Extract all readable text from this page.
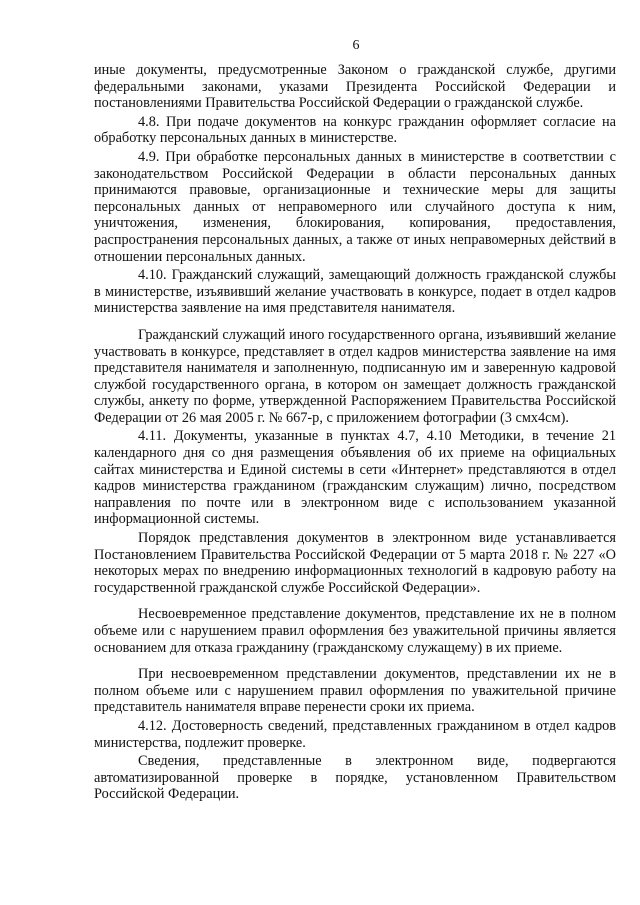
6

иные документы, предусмотренные Законом о гражданской службе, другими федеральными законами, указами Президента Российской Федерации и постановлениями Правительства Российской Федерации о гражданской службе.

4.8. При подаче документов на конкурс гражданин оформляет согласие на обработку персональных данных в министерстве.

4.9. При обработке персональных данных в министерстве в соответствии с законодательством Российской Федерации в области персональных данных принимаются правовые, организационные и технические меры для защиты персональных данных от неправомерного или случайного доступа к ним, уничтожения, изменения, блокирования, копирования, предоставления, распространения персональных данных, а также от иных неправомерных действий в отношении персональных данных.

4.10. Гражданский служащий, замещающий должность гражданской службы в министерстве, изъявивший желание участвовать в конкурсе, подает в отдел кадров министерства заявление на имя представителя нанимателя.

Гражданский служащий иного государственного органа, изъявивший желание участвовать в конкурсе, представляет в отдел кадров министерства заявление на имя представителя нанимателя и заполненную, подписанную им и заверенную кадровой службой государственного органа, в котором он замещает должность гражданской службы, анкету по форме, утвержденной Распоряжением Правительства Российской Федерации от 26 мая 2005 г. № 667-р, с приложением фотографии (3 смх4см).

4.11. Документы, указанные в пунктах 4.7, 4.10 Методики, в течение 21 календарного дня со дня размещения объявления об их приеме на официальных сайтах министерства и Единой системы в сети «Интернет» представляются в отдел кадров министерства гражданином (гражданским служащим) лично, посредством направления по почте или в электронном виде с использованием указанной информационной системы.

Порядок представления документов в электронном виде устанавливается Постановлением Правительства Российской Федерации от 5 марта 2018 г. № 227 «О некоторых мерах по внедрению информационных технологий в кадровую работу на государственной гражданской службе Российской Федерации».

Несвоевременное представление документов, представление их не в полном объеме или с нарушением правил оформления без уважительной причины является основанием для отказа гражданину (гражданскому служащему) в их приеме.

При несвоевременном представлении документов, представлении их не в полном объеме или с нарушением правил оформления по уважительной причине представитель нанимателя вправе перенести сроки их приема.

4.12. Достоверность сведений, представленных гражданином в отдел кадров министерства, подлежит проверке.

Сведения, представленные в электронном виде, подвергаются автоматизированной проверке в порядке, установленном Правительством Российской Федерации.
